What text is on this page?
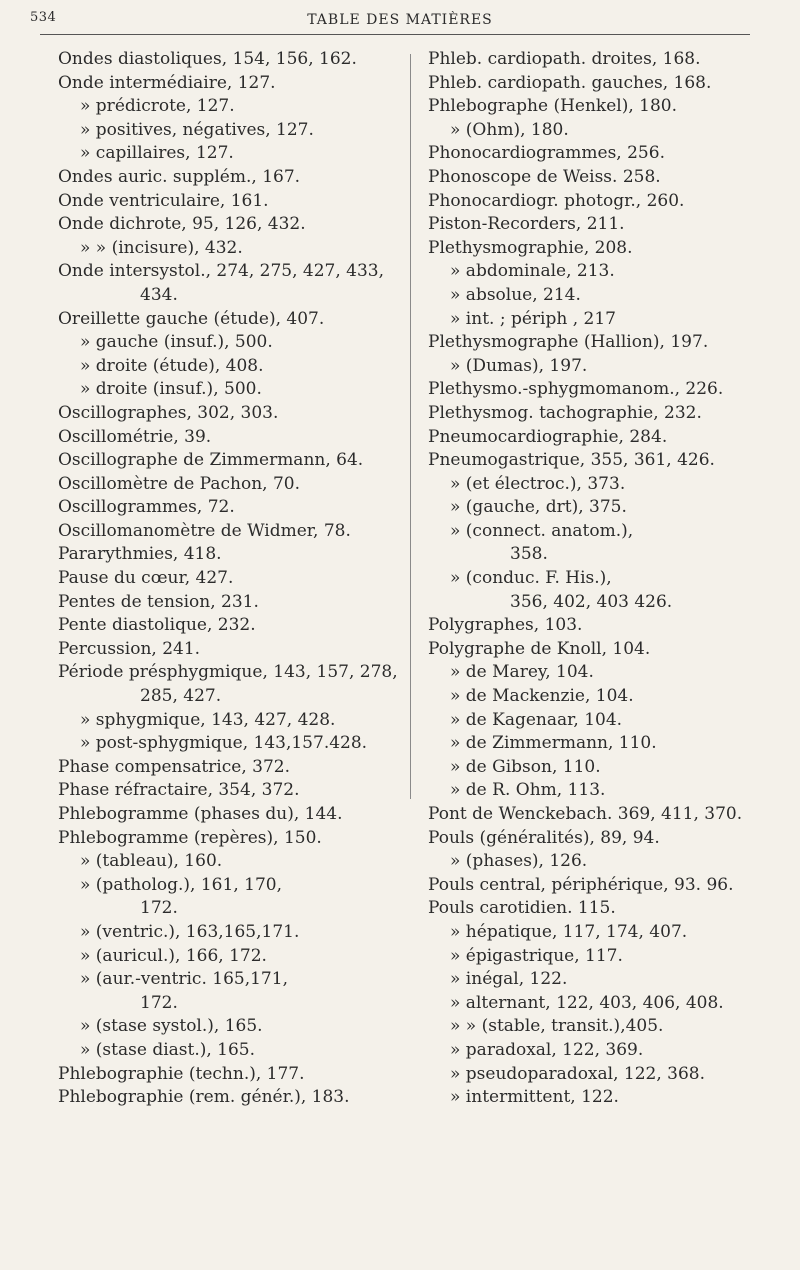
534	TABLE DES MATIÈRES
Ondes diastoliques, 154, 156, 162.
Onde intermédiaire, 127.
» prédicrote, 127.
» positives, négatives, 127.
» capillaires, 127.
Ondes auric. supplém., 167.
Onde ventriculaire, 161.
Onde dichrote, 95, 126, 432.
» » (incisure), 432.
Onde intersystol., 274, 275, 427, 433,
434.
Oreillette gauche (étude), 407.
» gauche (insuf.), 500.
» droite (étude), 408.
» droite (insuf.), 500.
Oscillographes, 302, 303.
Oscillométrie, 39.
Oscillographe de Zimmermann, 64.
Oscillomètre de Pachon, 70.
Oscillogrammes, 72.
Oscillomanomètre de Widmer, 78.
Pararythmies, 418.
Pause du cœur, 427.
Pentes de tension, 231.
Pente diastolique, 232.
Percussion, 241.
Période présphygmique, 143, 157, 278,
285, 427.
» sphygmique, 143, 427, 428.
» post-sphygmique, 143,157.428.
Phase compensatrice, 372.
Phase réfractaire, 354, 372.
Phlebogramme (phases du), 144.
Phlebogramme (repères), 150.
» (tableau), 160.
» (patholog.), 161, 170,
172.
» (ventric.), 163,165,171.
» (auricul.), 166, 172.
» (aur.-ventric. 165,171,
172.
» (stase systol.), 165.
» (stase diast.), 165.
Phlebographie (techn.), 177.
Phlebographie (rem. génér.), 183.
Phleb. cardiopath. droites, 168.
Phleb. cardiopath. gauches, 168.
Phlebographe (Henkel), 180.
» (Ohm), 180.
Phonocardiogrammes, 256.
Phonoscope de Weiss. 258.
Phonocardiogr. photogr., 260.
Piston-Recorders, 211.
Plethysmographie, 208.
» abdominale, 213.
» absolue, 214.
» int. ; périph , 217
Plethysmographe (Hallion), 197.
» (Dumas), 197.
Plethysmo.-sphygmomanom., 226.
Plethysmog. tachographie, 232.
Pneumocardiographie, 284.
Pneumogastrique, 355, 361, 426.
» (et électroc.), 373.
» (gauche, drt), 375.
» (connect. anatom.),
358.
» (conduc. F. His.),
356, 402, 403 426.
Polygraphes, 103.
Polygraphe de Knoll, 104.
» de Marey, 104.
» de Mackenzie, 104.
» de Kagenaar, 104.
» de Zimmermann, 110.
» de Gibson, 110.
» de R. Ohm, 113.
Pont de Wenckebach. 369, 411, 370.
Pouls (généralités), 89, 94.
» (phases), 126.
Pouls central, périphérique, 93. 96.
Pouls carotidien. 115.
» hépatique, 117, 174, 407.
» épigastrique, 117.
» inégal, 122.
» alternant, 122, 403, 406, 408.
» » (stable, transit.),405.
» paradoxal, 122, 369.
» pseudoparadoxal, 122, 368.
» intermittent, 122.
